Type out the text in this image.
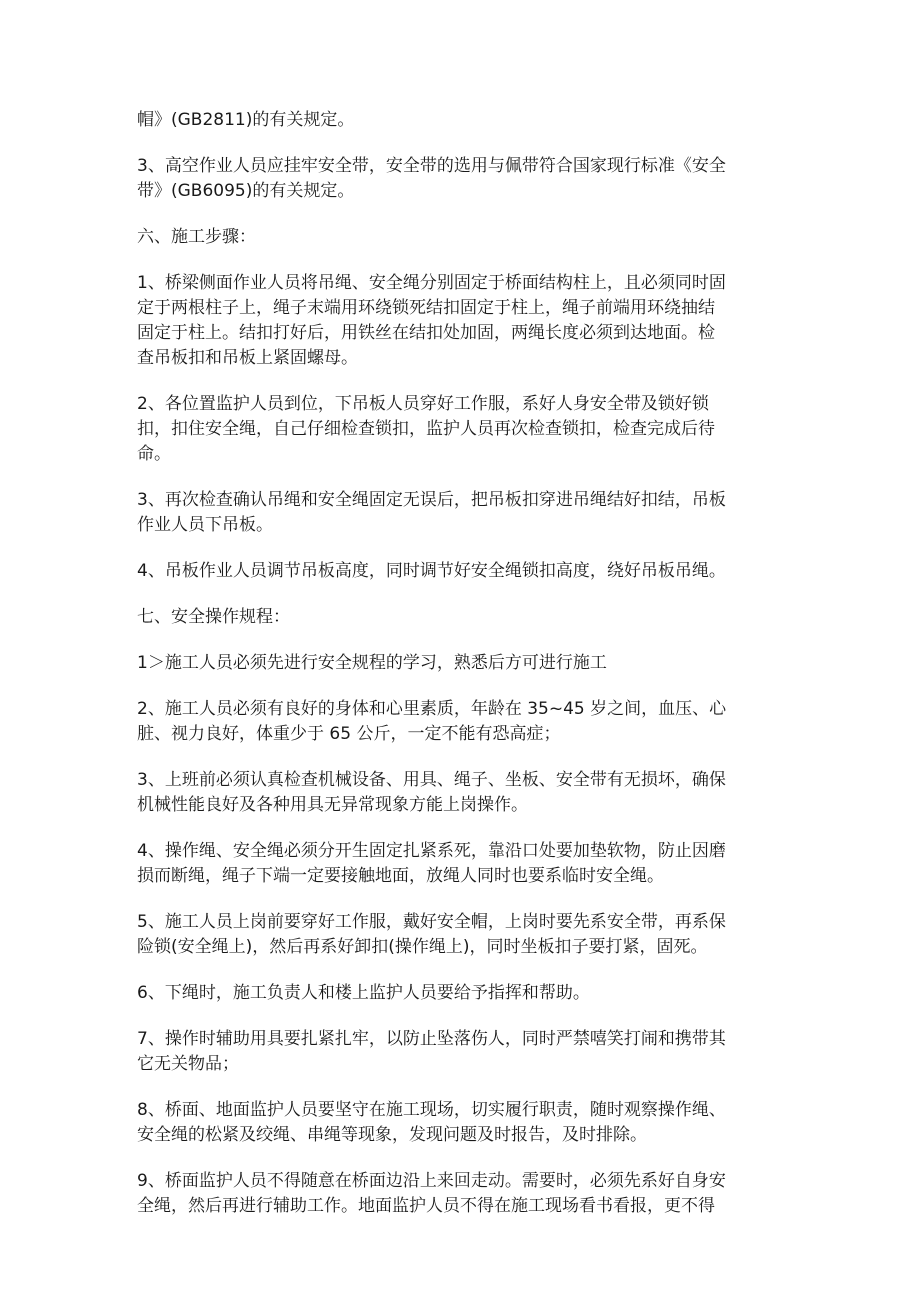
帽》(GB2811)的有关规定。

3、高空作业人员应挂牢安全带，安全带的选用与佩带符合国家现行标准《安全
带》(GB6095)的有关规定。

六、施工步骤：

1、桥梁侧面作业人员将吊绳、安全绳分别固定于桥面结构柱上，且必须同时固
定于两根柱子上，绳子末端用环绕锁死结扣固定于柱上，绳子前端用环绕抽结
固定于柱上。结扣打好后，用铁丝在结扣处加固，两绳长度必须到达地面。检
查吊板扣和吊板上紧固螺母。

2、各位置监护人员到位，下吊板人员穿好工作服，系好人身安全带及锁好锁
扣，扣住安全绳，自己仔细检查锁扣，监护人员再次检查锁扣，检查完成后待
命。

3、再次检查确认吊绳和安全绳固定无误后，把吊板扣穿进吊绳结好扣结，吊板
作业人员下吊板。

4、吊板作业人员调节吊板高度，同时调节好安全绳锁扣高度，绕好吊板吊绳。

七、安全操作规程：

1＞施工人员必须先进行安全规程的学习，熟悉后方可进行施工

2、施工人员必须有良好的身体和心里素质，年龄在 35~45 岁之间，血压、心
脏、视力良好，体重少于 65 公斤，一定不能有恐高症；

3、上班前必须认真检查机械设备、用具、绳子、坐板、安全带有无损坏，确保
机械性能良好及各种用具无异常现象方能上岗操作。

4、操作绳、安全绳必须分开生固定扎紧系死，靠沿口处要加垫软物，防止因磨
损而断绳，绳子下端一定要接触地面，放绳人同时也要系临时安全绳。

5、施工人员上岗前要穿好工作服，戴好安全帽，上岗时要先系安全带，再系保
险锁(安全绳上)，然后再系好卸扣(操作绳上)，同时坐板扣子要打紧，固死。

6、下绳时，施工负责人和楼上监护人员要给予指挥和帮助。

7、操作时辅助用具要扎紧扎牢，以防止坠落伤人，同时严禁嘻笑打闹和携带其
它无关物品；

8、桥面、地面监护人员要坚守在施工现场，切实履行职责，随时观察操作绳、
安全绳的松紧及绞绳、串绳等现象，发现问题及时报告，及时排除。

9、桥面监护人员不得随意在桥面边沿上来回走动。需要时，必须先系好自身安
全绳，然后再进行辅助工作。地面监护人员不得在施工现场看书看报，更不得
